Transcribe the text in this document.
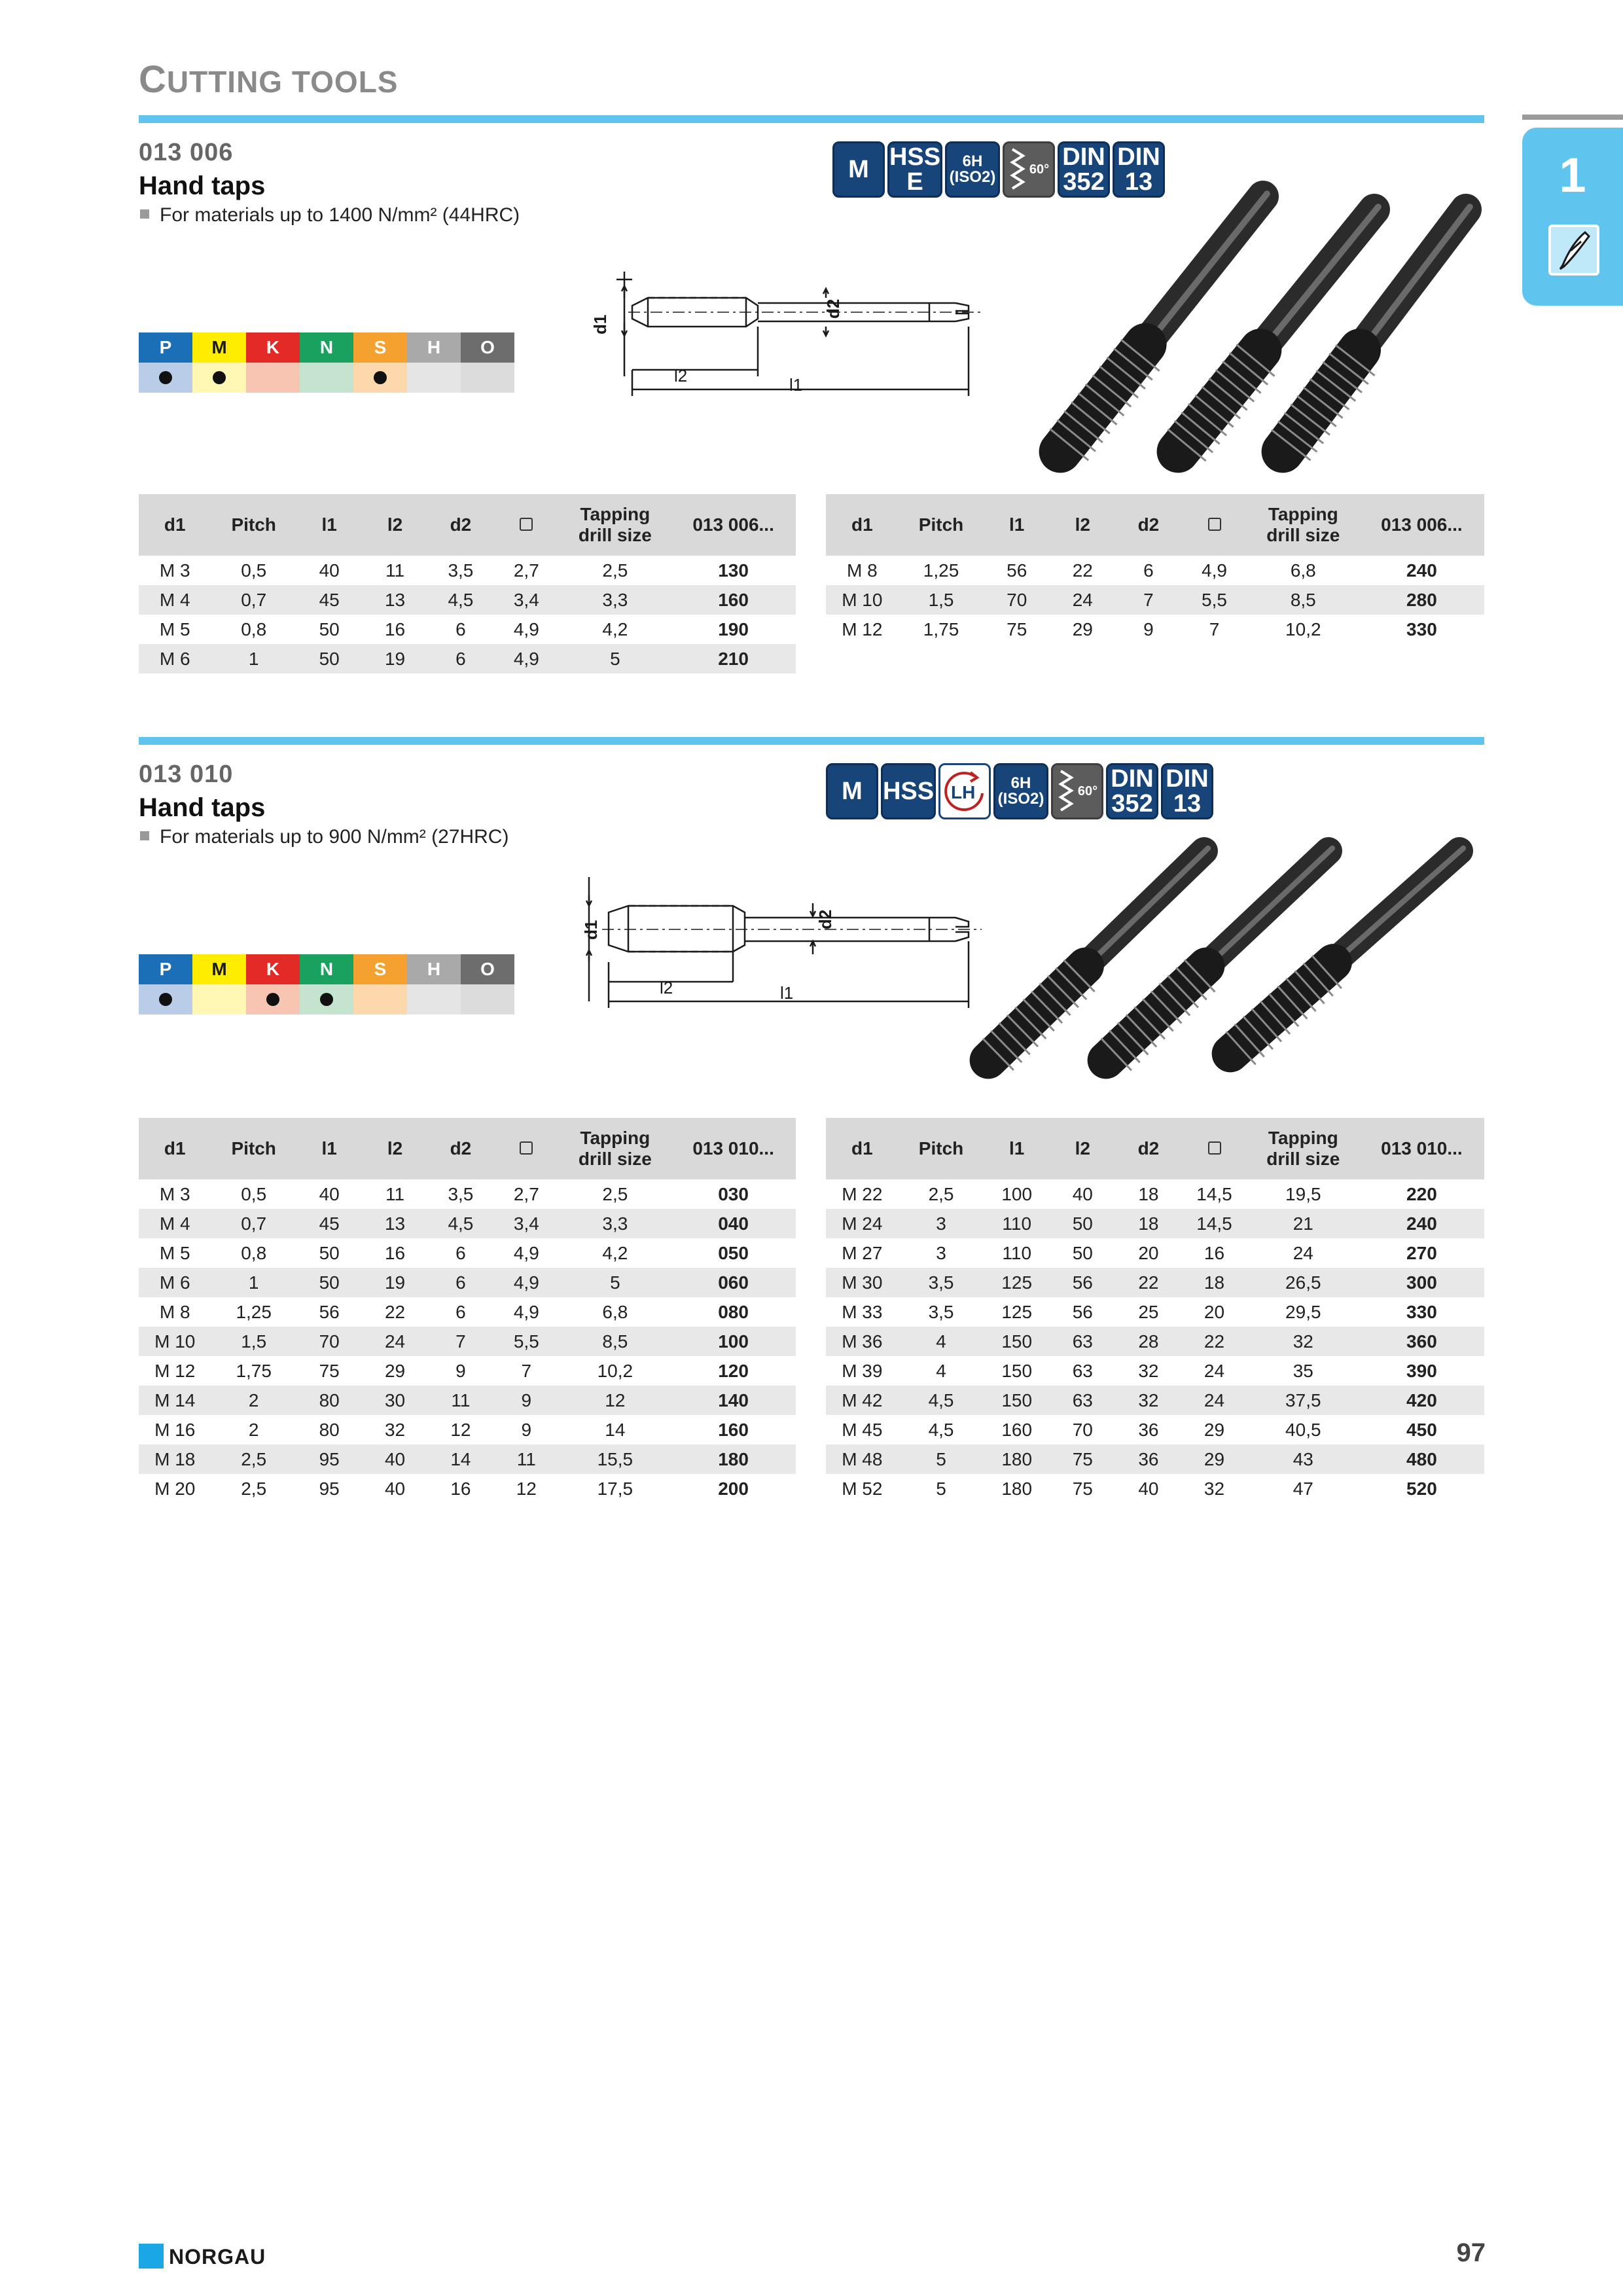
CUTTING TOOLS
1
013 006
Hand taps
For materials up to 1400 N/mm² (44HRC)
P	M	K	N	S	H	O
M HSS
E
6H
(ISO2)	60° DIN
352
DIN
13
d1
d2
l2	l1
d1	Pitch	l1	l2	d2		Tapping
drill size	013 006...
M 3	0,5	40	11	3,5	2,7	2,5	130
M 4	0,7	45	13	4,5	3,4	3,3	160
M 5	0,8	50	16	6	4,9	4,2	190
M 6	1	50	19	6	4,9	5	210
d1	Pitch	l1	l2	d2		Tapping
drill size	013 006...
M 8	1,25	56	22	6	4,9	6,8	240
M 10	1,5	70	24	7	5,5	8,5	280
M 12	1,75	75	29	9	7	10,2	330
013 010
Hand taps
For materials up to 900 N/mm² (27HRC)
P	M	K	N	S	H	O
M HSS LH 6H
(ISO2)	60° DIN
352
DIN
13
d1
d2
l2	l1
d1	Pitch	l1	l2	d2		Tapping
drill size	013 010...
M 3	0,5	40	11	3,5	2,7	2,5	030
M 4	0,7	45	13	4,5	3,4	3,3	040
M 5	0,8	50	16	6	4,9	4,2	050
M 6	1	50	19	6	4,9	5	060
M 8	1,25	56	22	6	4,9	6,8	080
M 10	1,5	70	24	7	5,5	8,5	100
M 12	1,75	75	29	9	7	10,2	120
M 14	2	80	30	11	9	12	140
M 16	2	80	32	12	9	14	160
M 18	2,5	95	40	14	11	15,5	180
M 20	2,5	95	40	16	12	17,5	200
d1	Pitch	l1	l2	d2		Tapping
drill size	013 010...
M 22	2,5	100	40	18	14,5	19,5	220
M 24	3	110	50	18	14,5	21	240
M 27	3	110	50	20	16	24	270
M 30	3,5	125	56	22	18	26,5	300
M 33	3,5	125	56	25	20	29,5	330
M 36	4	150	63	28	22	32	360
M 39	4	150	63	32	24	35	390
M 42	4,5	150	63	32	24	37,5	420
M 45	4,5	160	70	36	29	40,5	450
M 48	5	180	75	36	29	43	480
M 52	5	180	75	40	32	47	520
NORGAU	97
